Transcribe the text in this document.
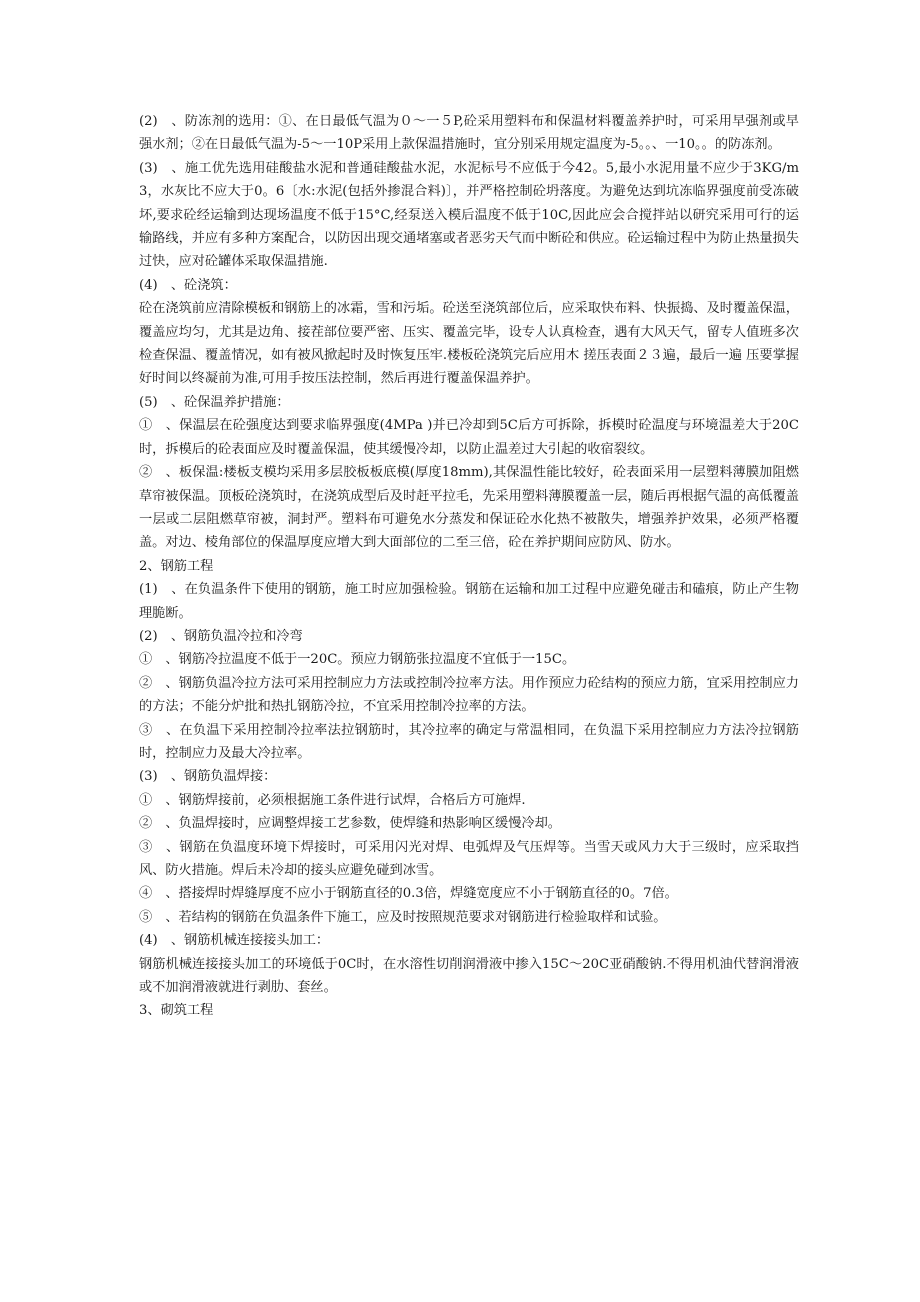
(2)　、防冻剂的选用：①、在日最低气温为０～一５P,砼采用塑料布和保温材料覆盖养护时，可采用早强剂或早强水剂；②在日最低气温为-5～一10P采用上款保温措施时，宜分别采用规定温度为-5。。、一10。。的防冻剂。

(3)　、施工优先选用硅酸盐水泥和普通硅酸盐水泥，水泥标号不应低于今42。5,最小水泥用量不应少于3KG/m3，水灰比不应大于0。6〔水:水泥(包括外掺混合料)〕，并严格控制砼坍落度。为避免达到坑冻临界强度前受冻破坏,要求砼经运输到达现场温度不低于15°C,经泵送入模后温度不低于10C,因此应会合搅拌站以研究采用可行的运输路线，并应有多种方案配合，以防因出现交通堵塞或者恶劣天气而中断砼和供应。砼运输过程中为防止热量损失过快，应对砼罐体采取保温措施.

(4)　、砼浇筑：

砼在浇筑前应清除模板和钢筋上的冰霜，雪和污垢。砼送至浇筑部位后，应采取快布料、快振捣、及时覆盖保温，覆盖应均匀，尤其是边角、接茬部位要严密、压实、覆盖完毕，设专人认真检查，遇有大风天气，留专人值班多次检查保温、覆盖情况，如有被风掀起时及时恢复压牢.楼板砼浇筑完后应用木 搓压表面２３遍，最后一遍 压要掌握好时间以终凝前为准,可用手按压法控制，然后再进行覆盖保温养护。

(5)　、砼保温养护措施：

①　、保温层在砼强度达到要求临界强度(4MPa )并已冷却到5C后方可拆除，拆模时砼温度与环境温差大于20C时，拆模后的砼表面应及时覆盖保温，使其缓慢冷却，以防止温差过大引起的收宿裂纹。

②　、板保温:楼板支模均采用多层胶板板底模(厚度18mm),其保温性能比较好，砼表面采用一层塑料薄膜加阻燃草帘被保温。顶板砼浇筑时，在浇筑成型后及时赶平拉毛，先采用塑料薄膜覆盖一层，随后再根据气温的高低覆盖一层或二层阻燃草帘被，洞封严。塑料布可避免水分蒸发和保证砼水化热不被散失，增强养护效果，必须严格覆盖。对边、棱角部位的保温厚度应增大到大面部位的二至三倍，砼在养护期间应防风、防水。

2、钢筋工程

(1)　、在负温条件下使用的钢筋，施工时应加强检验。钢筋在运输和加工过程中应避免碰击和磕痕，防止产生物理脆断。

(2)　、钢筋负温冷拉和冷弯

①　、钢筋冷拉温度不低于一20C。预应力钢筋张拉温度不宜低于一15C。

②　、钢筋负温冷拉方法可采用控制应力方法或控制冷拉率方法。用作预应力砼结构的预应力筋，宜采用控制应力的方法；不能分炉批和热扎钢筋冷拉，不宜采用控制冷拉率的方法。

③　、在负温下采用控制冷拉率法拉钢筋时，其冷拉率的确定与常温相同，在负温下采用控制应力方法冷拉钢筋时，控制应力及最大冷拉率。

(3)　、钢筋负温焊接：

①　、钢筋焊接前，必须根据施工条件进行试焊，合格后方可施焊.

②　、负温焊接时，应调整焊接工艺参数，使焊缝和热影响区缓慢冷却。

③　、钢筋在负温度环境下焊接时，可采用闪光对焊、电弧焊及气压焊等。当雪天或风力大于三级时，应采取挡风、防火措施。焊后未冷却的接头应避免碰到冰雪。

④　、搭接焊时焊缝厚度不应小于钢筋直径的0.3倍，焊缝宽度应不小于钢筋直径的0。7倍。

⑤　、若结构的钢筋在负温条件下施工，应及时按照规范要求对钢筋进行检验取样和试验。

(4)　、钢筋机械连接接头加工：

钢筋机械连接接头加工的环境低于0C时，在水溶性切削润滑液中掺入15C～20C亚硝酸钠.不得用机油代替润滑液或不加润滑液就进行剥肋、套丝。

3、砌筑工程
